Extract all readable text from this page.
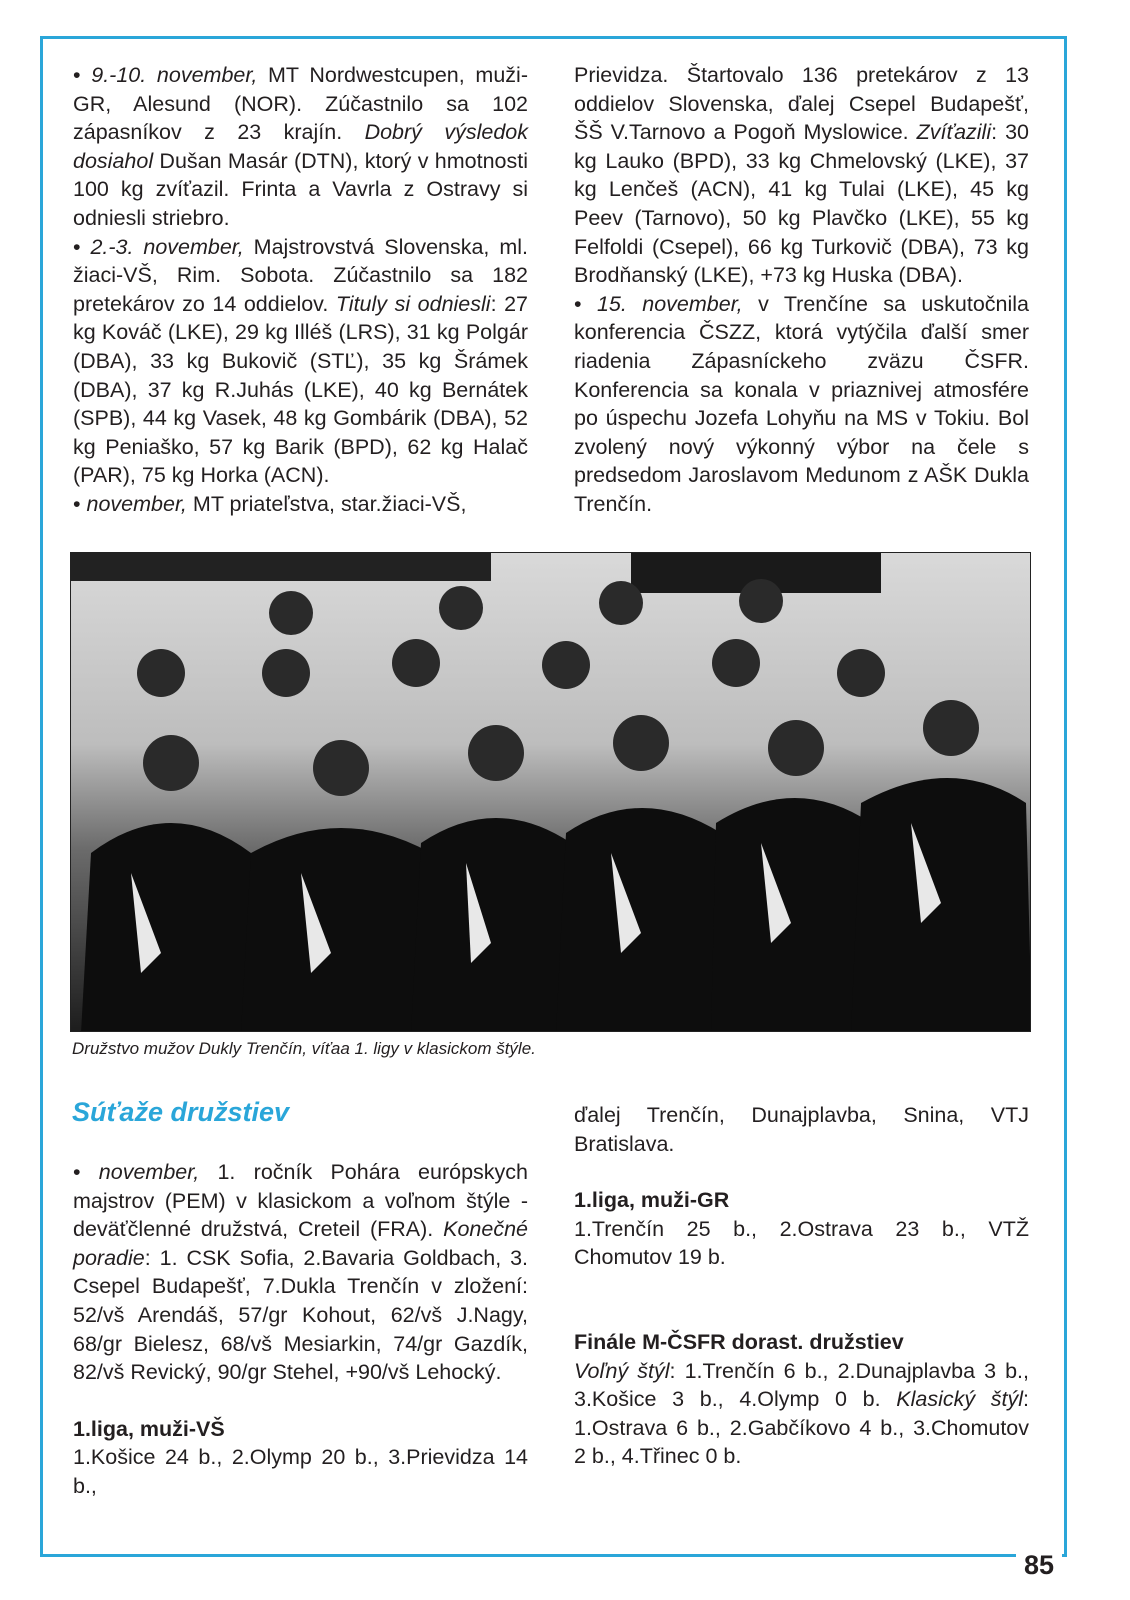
85

• 9.-10. november, MT Nordwestcupen, muži-GR, Alesund (NOR). Zúčastnilo sa 102 zápasníkov z 23 krajín. Dobrý výsledok dosiahol Dušan Masár (DTN), ktorý v hmotnosti 100 kg zvíťazil. Frinta a Vavrla z Ostravy si odniesli striebro.

• 2.-3. november, Majstrovstvá Slovenska, ml. žiaci-VŠ, Rim. Sobota. Zúčastnilo sa 182 pretekárov zo 14 oddielov. Tituly si odniesli: 27 kg Kováč (LKE), 29 kg Illéš (LRS), 31 kg Polgár (DBA), 33 kg Bukovič (STĽ), 35 kg Šrámek (DBA), 37 kg R.Juhás (LKE), 40 kg Bernátek (SPB), 44 kg Vasek, 48 kg Gombárik (DBA), 52 kg Peniaško, 57 kg Barik (BPD), 62 kg Halač (PAR), 75 kg Horka (ACN).

• november, MT priateľstva, star.žiaci-VŠ,

Prievidza. Štartovalo 136 pretekárov z 13 oddielov Slovenska, ďalej Csepel Budapešť, ŠŠ V.Tarnovo a Pogoň Myslowice. Zvíťazili: 30 kg Lauko (BPD), 33 kg Chmelovský (LKE), 37 kg Lenčeš (ACN), 41 kg Tulai (LKE), 45 kg Peev (Tarnovo), 50 kg Plavčko (LKE), 55 kg Felfoldi (Csepel), 66 kg Turkovič (DBA), 73 kg Brodňanský (LKE), +73 kg Huska (DBA).

• 15. november, v Trenčíne sa uskutočnila konferencia ČSZZ, ktorá vytýčila ďalší smer riadenia Zápasníckeho zväzu ČSFR. Konferencia sa konala v priaznivej atmosfére po úspechu Jozefa Lohyňu na MS v Tokiu. Bol zvolený nový výkonný výbor na čele s predsedom Jaroslavom Medunom z AŠK Dukla Trenčín.

Družstvo mužov Dukly Trenčín, víťaa 1. ligy v klasickom štýle.
Súťaže družstiev

• november, 1. ročník Pohára európskych majstrov (PEM) v klasickom a voľnom štýle - deväťčlenné družstvá, Creteil (FRA). Konečné poradie: 1. CSK Sofia, 2.Bavaria Goldbach, 3. Csepel Budapešť, 7.Dukla Trenčín v zložení: 52/vš Arendáš, 57/gr Kohout, 62/vš J.Nagy, 68/gr Bielesz, 68/vš Mesiarkin, 74/gr Gazdík, 82/vš Revický, 90/gr Stehel, +90/vš Lehocký.

1.liga, muži-VŠ

1.Košice 24 b., 2.Olymp 20 b., 3.Prievidza 14 b.,

ďalej Trenčín, Dunajplavba, Snina, VTJ Bratislava.

1.liga, muži-GR

1.Trenčín 25 b., 2.Ostrava 23 b., VTŽ Chomutov 19 b.

Finále M-ČSFR dorast. družstiev

Voľný štýl: 1.Trenčín 6 b., 2.Dunajplavba 3 b., 3.Košice 3 b., 4.Olymp 0 b. Klasický štýl: 1.Ostrava 6 b., 2.Gabčíkovo 4 b., 3.Chomutov 2 b., 4.Třinec 0 b.
